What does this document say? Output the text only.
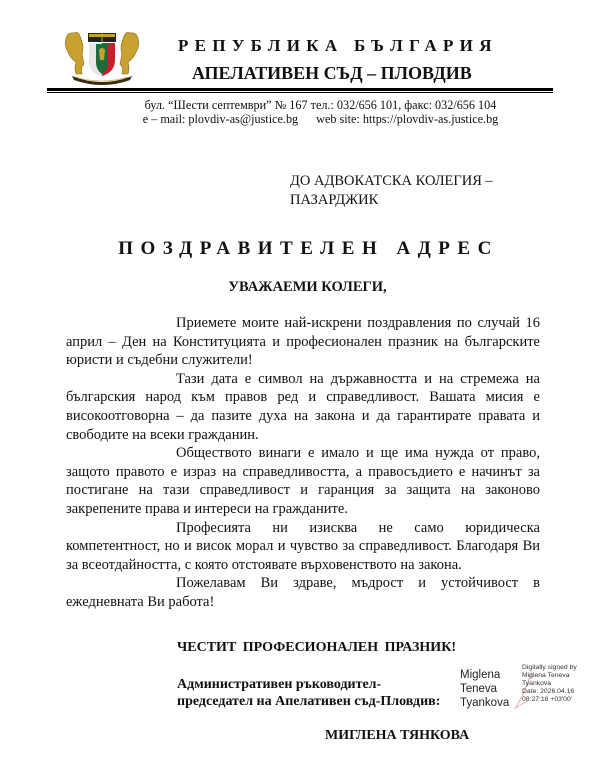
РЕПУБЛИКА БЪЛГАРИЯ
АПЕЛАТИВЕН СЪД – ПЛОВДИВ
бул. “Шести септември” № 167 тел.: 032/656 101, факс: 032/656 104
e – mail: plovdiv-as@justice.bg web site: https://plovdiv-as.justice.bg
ДО АДВОКАТСКА КОЛЕГИЯ –
ПАЗАРДЖИК
ПОЗДРАВИТЕЛЕН АДРЕС
УВАЖАЕМИ КОЛЕГИ,

Приемете моите най-искрени поздравления по случай 16 април – Ден на Конституцията и професионален празник на българските юристи и съдебни служители!

Тази дата е символ на държавността и на стремежа на българския народ към правов ред и справедливост. Вашата мисия е високоотговорна – да пазите духа на закона и да гарантирате правата и свободите на всеки гражданин.

Обществото винаги е имало и ще има нужда от право, защото правото е израз на справедливостта, а правосъдието е начинът за постигане на тази справедливост и гаранция за защита на законово закрепените права и интереси на гражданите.

Професията ни изисква не само юридическа компетентност, но и висок морал и чувство за справедливост. Благодаря Ви за всеотдайността, с която отстоявате върховенството на закона.

Пожелавам Ви здраве, мъдрост и устойчивост в ежедневната Ви работа!

ЧЕСТИТ ПРОФЕСИОНАЛЕН ПРАЗНИК!
Административен ръководител-
председател на Апелативен съд-Пловдив:
Miglena
Teneva
Tyankova
Digitally signed by
Miglena Teneva
Tyankova
Date: 2026.04.16
08:27:18 +03'00'
МИГЛЕНА ТЯНКОВА
